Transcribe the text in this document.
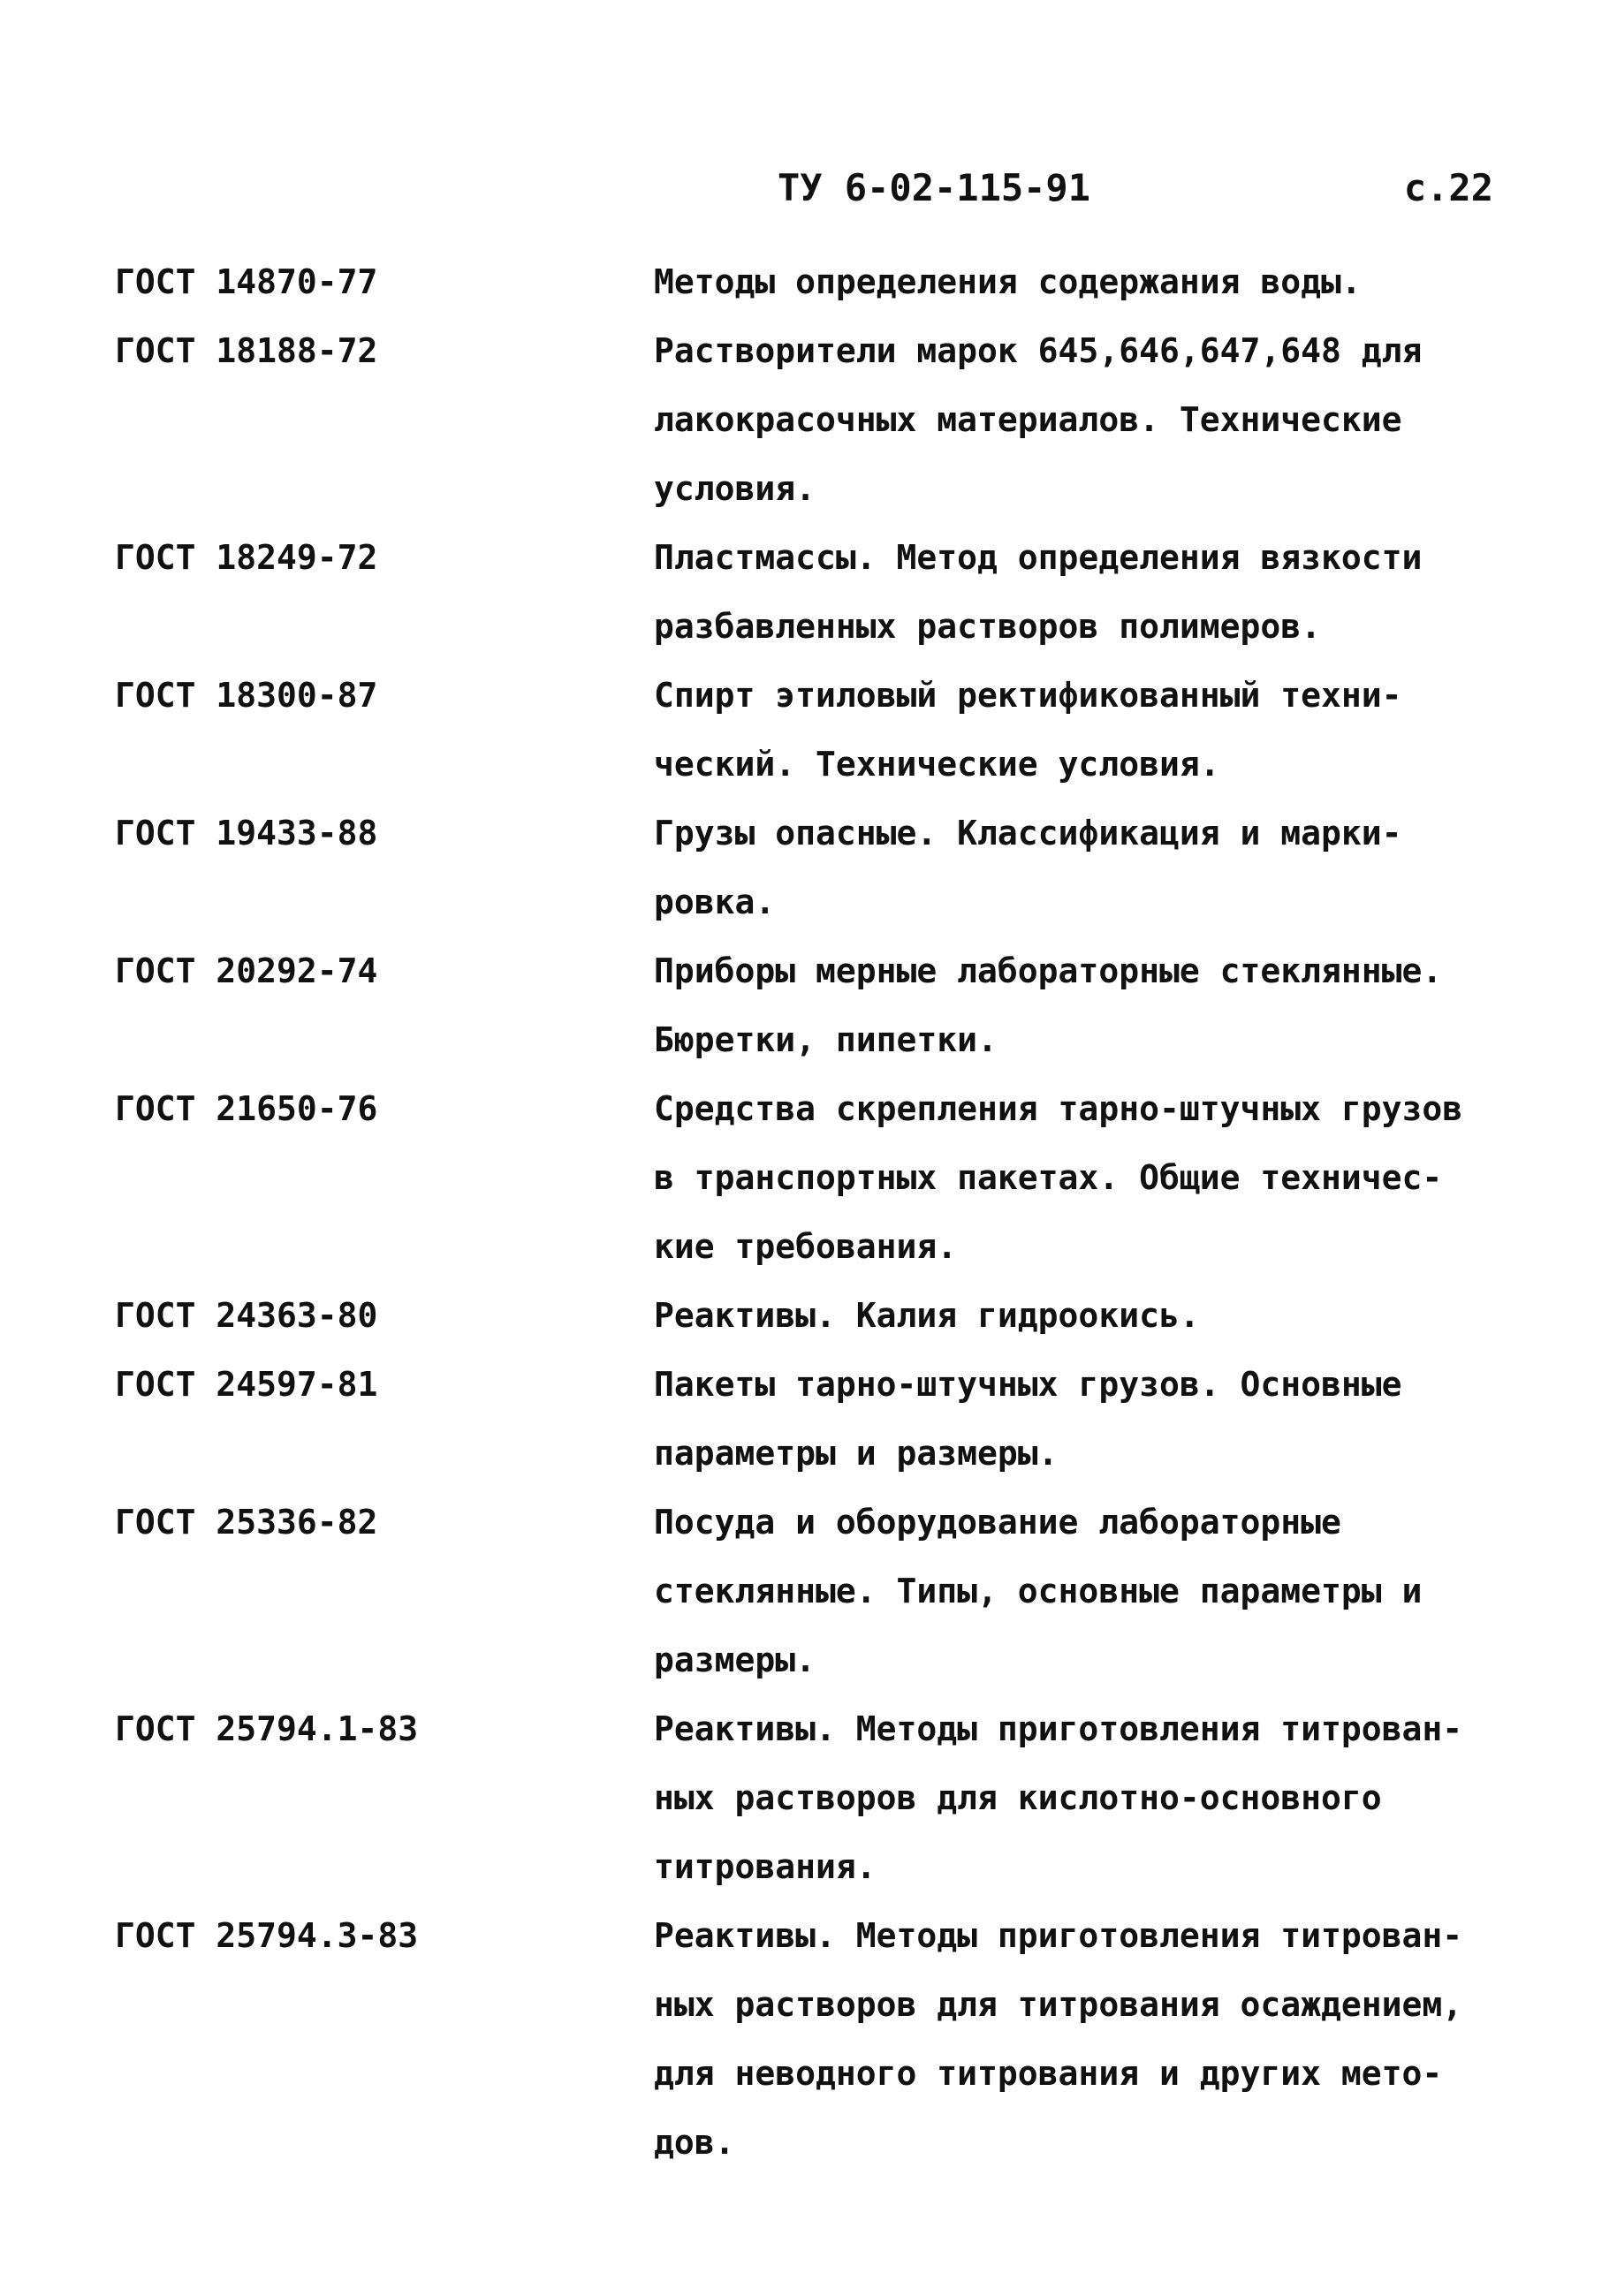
ТУ 6-02-115-91	с.22
ГОСТ 14870-77	Методы определения содержания воды.
ГОСТ 18188-72	Растворители марок 645,646,647,648 для
лакокрасочных материалов. Технические
условия.
ГОСТ 18249-72	Пластмассы. Метод определения вязкости
разбавленных растворов полимеров.
ГОСТ 18300-87	Спирт этиловый ректификованный техни-
ческий. Технические условия.
ГОСТ 19433-88	Грузы опасные. Классификация и марки-
ровка.
ГОСТ 20292-74	Приборы мерные лабораторные стеклянные.
Бюретки, пипетки.
ГОСТ 21650-76	Средства скрепления тарно-штучных грузов
в транспортных пакетах. Общие техничес-
кие требования.
ГОСТ 24363-80	Реактивы. Калия гидроокись.
ГОСТ 24597-81	Пакеты тарно-штучных грузов. Основные
параметры и размеры.
ГОСТ 25336-82	Посуда и оборудование лабораторные
стеклянные. Типы, основные параметры и
размеры.
ГОСТ 25794.1-83	Реактивы. Методы приготовления титрован-
ных растворов для кислотно-основного
титрования.
ГОСТ 25794.3-83	Реактивы. Методы приготовления титрован-
ных растворов для титрования осаждением,
для неводного титрования и других мето-
дов.
